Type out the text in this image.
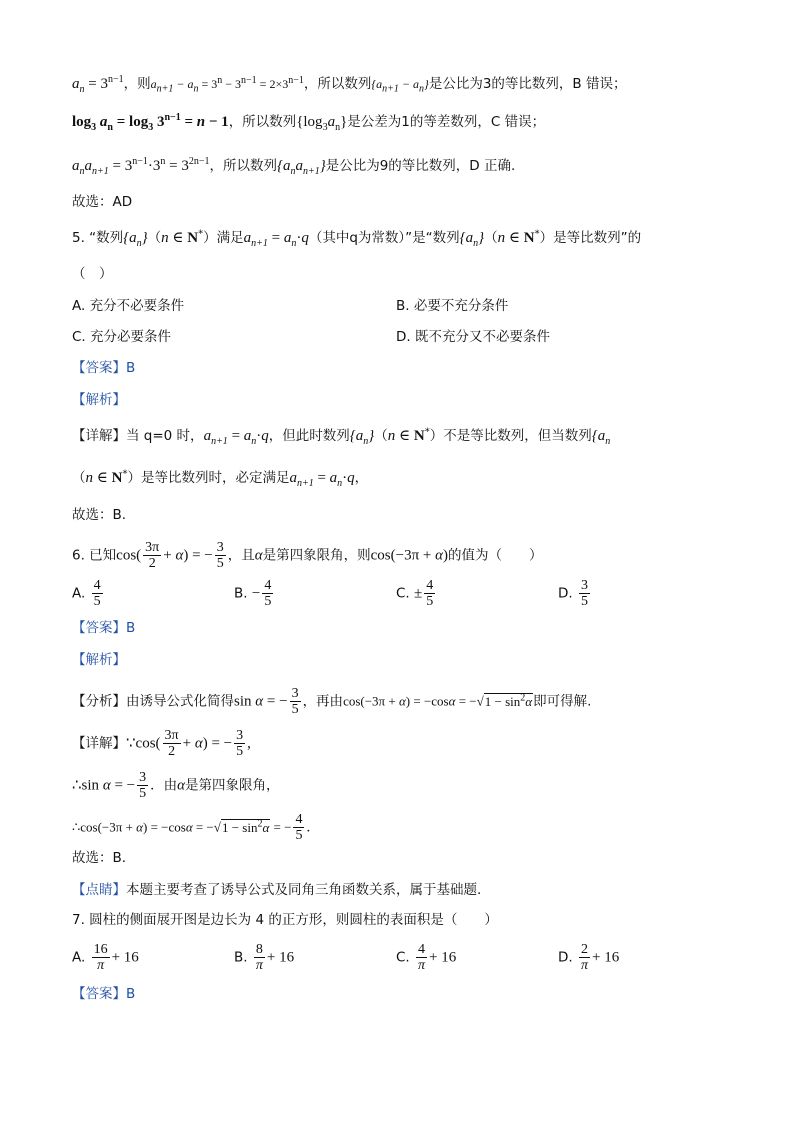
$a_n = 3^{n-1}$，则$a_{n+1} - a_n = 3^n - 3^{n-1} = 2\times 3^{n-1}$，所以数列$\{a_{n+1} - a_n\}$是公比为3的等比数列，B 错误；
$\log_3 a_n = \log_3 3^{n-1} = n - 1$，所以数列$\{\log_3a_n\}$是公差为1的等差数列，C 错误；
$a_na_{n+1} = 3^{n-1}\cdot 3^n = 3^{2n-1}$，所以数列$\{a_na_{n+1}\}$是公比为9的等比数列，D 正确.
故选：AD
5. “数列$\{a_n\}(n$ ∈ N*）满足$a_{n+1} = a_n\cdot q$（其中q为常数）”是“数列$\{a_n\}(n$ ∈ N*）是等比数列”的
（　）
A. 充分不必要条件	B. 必要不充分条件
C. 充分必要条件	D. 既不充分又不必要条件
【答案】B
【解析】
【详解】当 q=0 时，$a_{n+1} = a_n\cdot q$，但此时数列$\{a_n\}(n$ ∈ N*）不是等比数列，但当数列{$a_n$
（n ∈ N*）是等比数列时，必定满足$a_{n+1} = a_n\cdot q$，
故选：B.
6. 已知$\cos( \frac{3\pi}{2} + \alpha)$ = − $\frac{3}{5}$ ，且α是第四象限角，则cos(−3π + α)的值为（　　）
A. $\frac{4}{5}$	B. − $\frac{4}{5}$	C. ± $\frac{4}{5}$	D. $\frac{3}{5}$
【答案】B
【解析】
【分析】由诱导公式化简得sin α = − $\frac{3}{5}$ ，再由$\cos(-3\pi + \alpha) = -\cos\alpha = -√1 - \sin^2\alpha$即可得解.
【详解】∵cos( $\frac{3\pi}{2} + \alpha$) = − $\frac{3}{5}$ ,
∴sin α = − $\frac{3}{5}$ ．由α是第四象限角，
∴cos(−3π + $\alpha) = -\cos\alpha = -√1 - \sin^2\alpha$ = − $\frac{4}{5}$ .
故选：B.
【点睛】本题主要考查了诱导公式及同角三角函数关系，属于基础题.
7. 圆柱的侧面展开图是边长为 4 的正方形，则圆柱的表面积是（　　）
A. $\frac{16}{\pi} + 16$	B. $\frac{8}{\pi} + 16$	C. $\frac{4}{\pi} + 16$	D. $\frac{2}{\pi} + 16$
【答案】B
